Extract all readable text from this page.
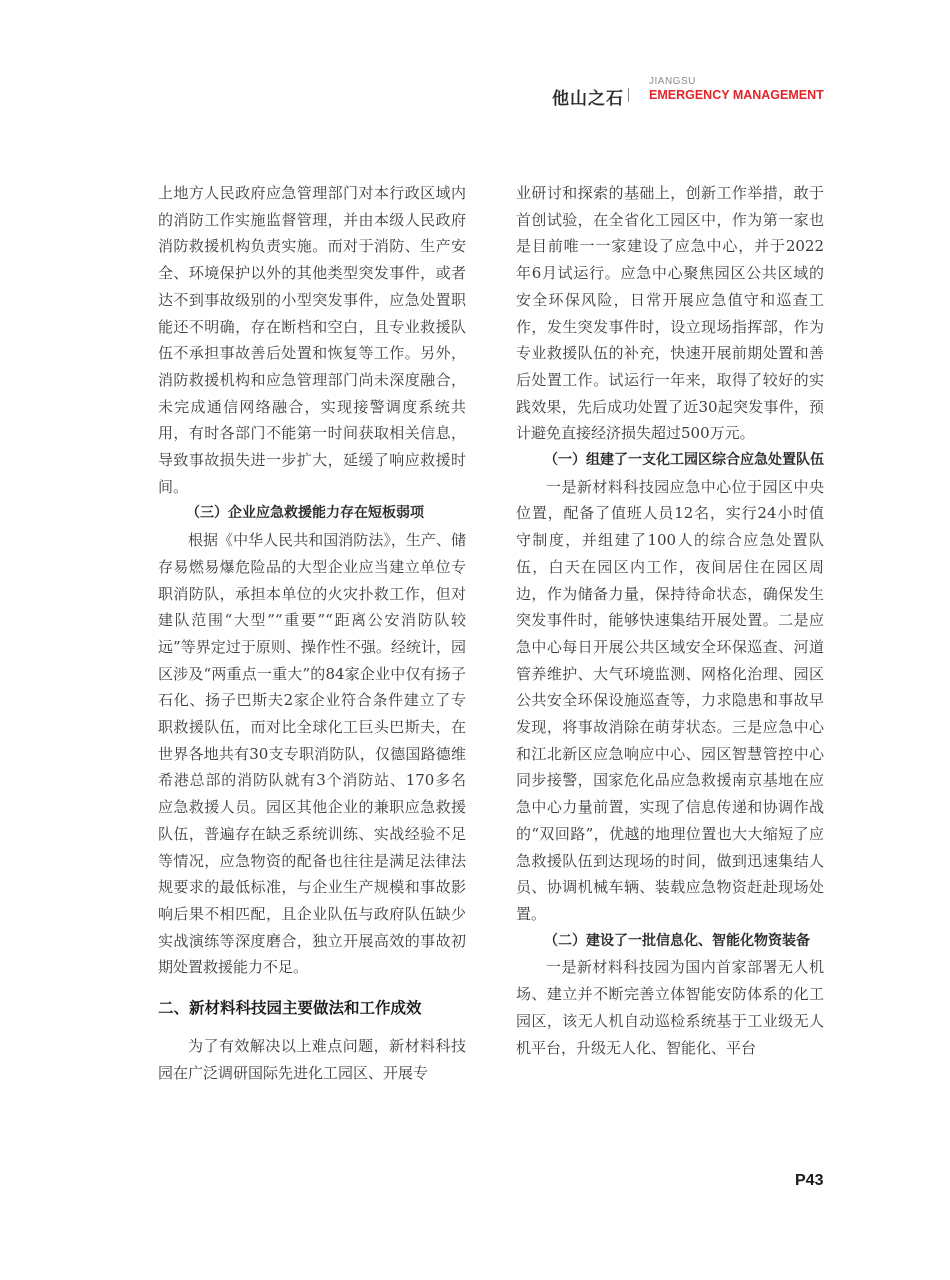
他山之石
JIANGSU
EMERGENCY MANAGEMENT

上地方人民政府应急管理部门对本行政区域内的消防工作实施监督管理，并由本级人民政府消防救援机构负责实施。而对于消防、生产安全、环境保护以外的其他类型突发事件，或者达不到事故级别的小型突发事件，应急处置职能还不明确，存在断档和空白，且专业救援队伍不承担事故善后处置和恢复等工作。另外，消防救援机构和应急管理部门尚未深度融合，未完成通信网络融合，实现接警调度系统共用，有时各部门不能第一时间获取相关信息，导致事故损失进一步扩大，延缓了响应救援时间。

（三）企业应急救援能力存在短板弱项

根据《中华人民共和国消防法》，生产、储存易燃易爆危险品的大型企业应当建立单位专职消防队，承担本单位的火灾扑救工作，但对建队范围“大型”“重要”“距离公安消防队较远”等界定过于原则、操作性不强。经统计，园区涉及“两重点一重大”的84家企业中仅有扬子石化、扬子巴斯夫2家企业符合条件建立了专职救援队伍，而对比全球化工巨头巴斯夫，在世界各地共有30支专职消防队，仅德国路德维希港总部的消防队就有3个消防站、170多名应急救援人员。园区其他企业的兼职应急救援队伍，普遍存在缺乏系统训练、实战经验不足等情况，应急物资的配备也往往是满足法律法规要求的最低标准，与企业生产规模和事故影响后果不相匹配，且企业队伍与政府队伍缺少实战演练等深度磨合，独立开展高效的事故初期处置救援能力不足。

二、新材料科技园主要做法和工作成效

为了有效解决以上难点问题，新材料科技园在广泛调研国际先进化工园区、开展专

业研讨和探索的基础上，创新工作举措，敢于首创试验，在全省化工园区中，作为第一家也是目前唯一一家建设了应急中心，并于2022年6月试运行。应急中心聚焦园区公共区域的安全环保风险，日常开展应急值守和巡查工作，发生突发事件时，设立现场指挥部，作为专业救援队伍的补充，快速开展前期处置和善后处置工作。试运行一年来，取得了较好的实践效果，先后成功处置了近30起突发事件，预计避免直接经济损失超过500万元。

（一）组建了一支化工园区综合应急处置队伍

一是新材料科技园应急中心位于园区中央位置，配备了值班人员12名，实行24小时值守制度，并组建了100人的综合应急处置队伍，白天在园区内工作，夜间居住在园区周边，作为储备力量，保持待命状态，确保发生突发事件时，能够快速集结开展处置。二是应急中心每日开展公共区域安全环保巡查、河道管养维护、大气环境监测、网格化治理、园区公共安全环保设施巡查等，力求隐患和事故早发现，将事故消除在萌芽状态。三是应急中心和江北新区应急响应中心、园区智慧管控中心同步接警，国家危化品应急救援南京基地在应急中心力量前置，实现了信息传递和协调作战的“双回路”，优越的地理位置也大大缩短了应急救援队伍到达现场的时间，做到迅速集结人员、协调机械车辆、装载应急物资赶赴现场处置。

（二）建设了一批信息化、智能化物资装备

一是新材料科技园为国内首家部署无人机场、建立并不断完善立体智能安防体系的化工园区，该无人机自动巡检系统基于工业级无人机平台，升级无人化、智能化、平台

P43
